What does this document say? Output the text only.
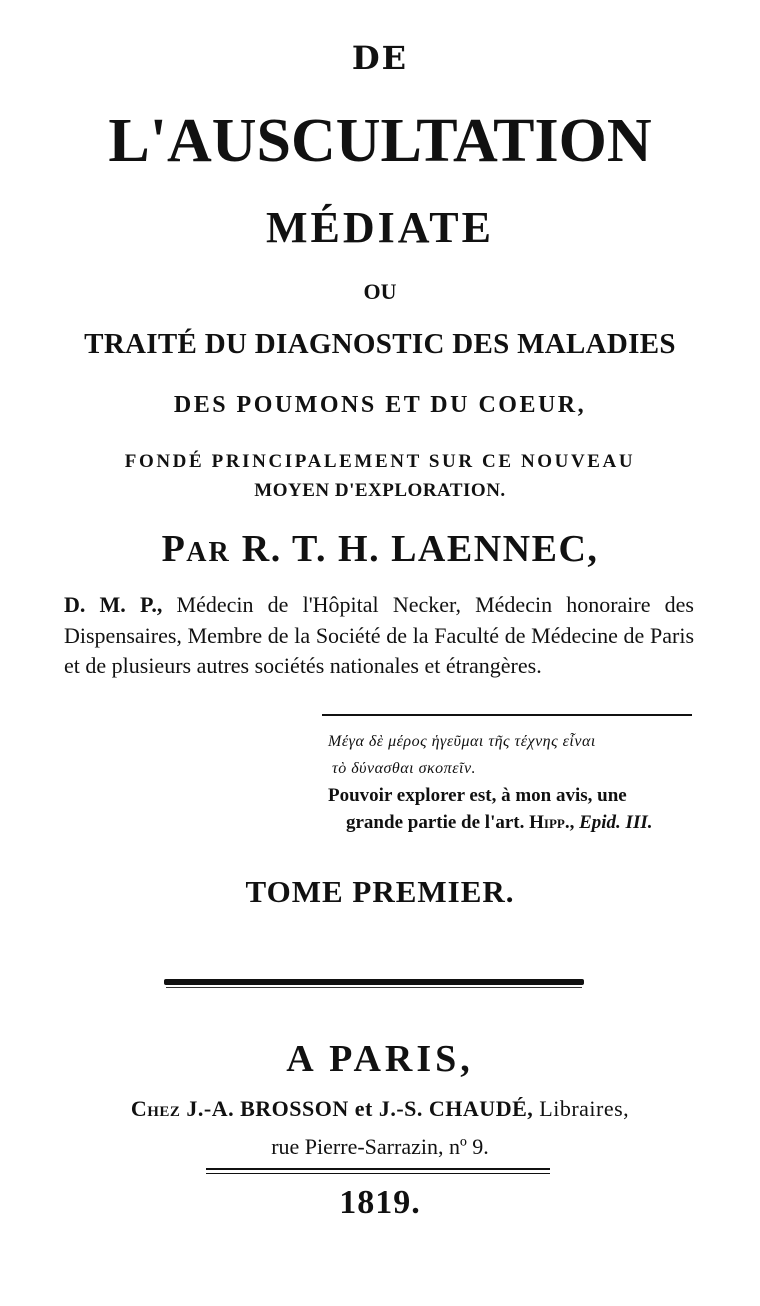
DE
L'AUSCULTATION
MÉDIATE
OU
TRAITÉ DU DIAGNOSTIC DES MALADIES
DES POUMONS ET DU COEUR,
FONDÉ PRINCIPALEMENT SUR CE NOUVEAU
MOYEN D'EXPLORATION.
PAR R. T. H. LAENNEC,
D. M. P., Médecin de l'Hôpital Necker, Médecin honoraire des Dispensaires, Membre de la Société de la Faculté de Médecine de Paris et de plusieurs autres sociétés nationales et étrangères.
Μέγα δὲ μέρος ἡγεῦμαι τῆς τέχνης εἶναι
τὸ δύνασθαι σκοπεῖν.
Pouvoir explorer est, à mon avis, une
grande partie de l'art. Hipp., Epid. III.
TOME PREMIER.
A PARIS,
Chez J.-A. BROSSON et J.-S. CHAUDÉ, Libraires,
rue Pierre-Sarrazin, nº 9.
1819.
